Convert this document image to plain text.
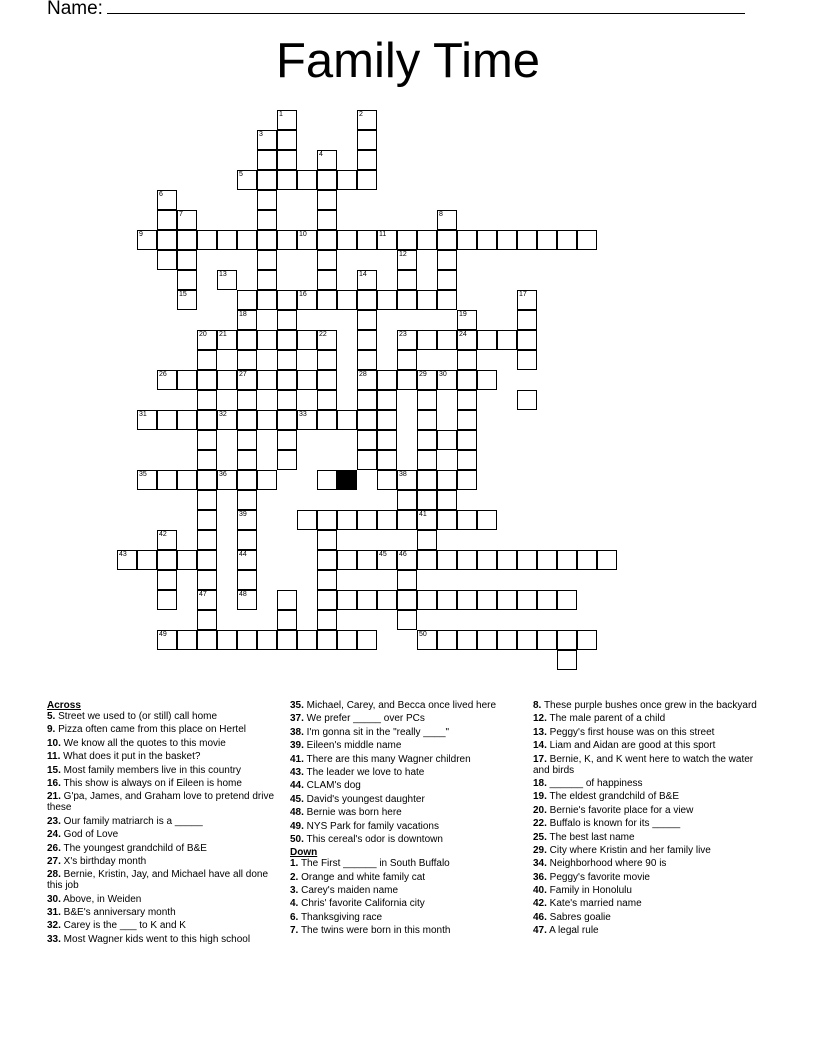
Name:
Family Time
1	2
3
4
5
6
7	8
9	10	11
12
13	14
15	16	17
18	19
20 21	22	23	24
26	27	28	29 30
31	32	33
35	36	38
39	41
42
43	44	45 46
47	48
49	50
Across
5. Street we used to (or still) call home
9. Pizza often came from this place on Hertel
10. We know all the quotes to this movie
11. What does it put in the basket?
15. Most family members live in this country
16. This show is always on if Eileen is home
21. G'pa, James, and Graham love to pretend drive these
23. Our family matriarch is a _____
24. God of Love
26. The youngest grandchild of B&E
27. X's birthday month
28. Bernie, Kristin, Jay, and Michael have all done this job
30. Above, in Weiden
31. B&E's anniversary month
32. Carey is the ___ to K and K
33. Most Wagner kids went to this high school
35. Michael, Carey, and Becca once lived here
37. We prefer _____ over PCs
38. I'm gonna sit in the "really ____"
39. Eileen's middle name
41. There are this many Wagner children
43. The leader we love to hate
44. CLAM's dog
45. David's youngest daughter
48. Bernie was born here
49. NYS Park for family vacations
50. This cereal's odor is downtown
Down
1. The First ______ in South Buffalo
2. Orange and white family cat
3. Carey's maiden name
4. Chris' favorite California city
6. Thanksgiving race
7. The twins were born in this month
8. These purple bushes once grew in the backyard
12. The male parent of a child
13. Peggy's first house was on this street
14. Liam and Aidan are good at this sport
17. Bernie, K, and K went here to watch the water and birds
18. ______ of happiness
19. The eldest grandchild of B&E
20. Bernie's favorite place for a view
22. Buffalo is known for its _____
25. The best last name
29. City where Kristin and her family live
34. Neighborhood where 90 is
36. Peggy's favorite movie
40. Family in Honolulu
42. Kate's married name
46. Sabres goalie
47. A legal rule
